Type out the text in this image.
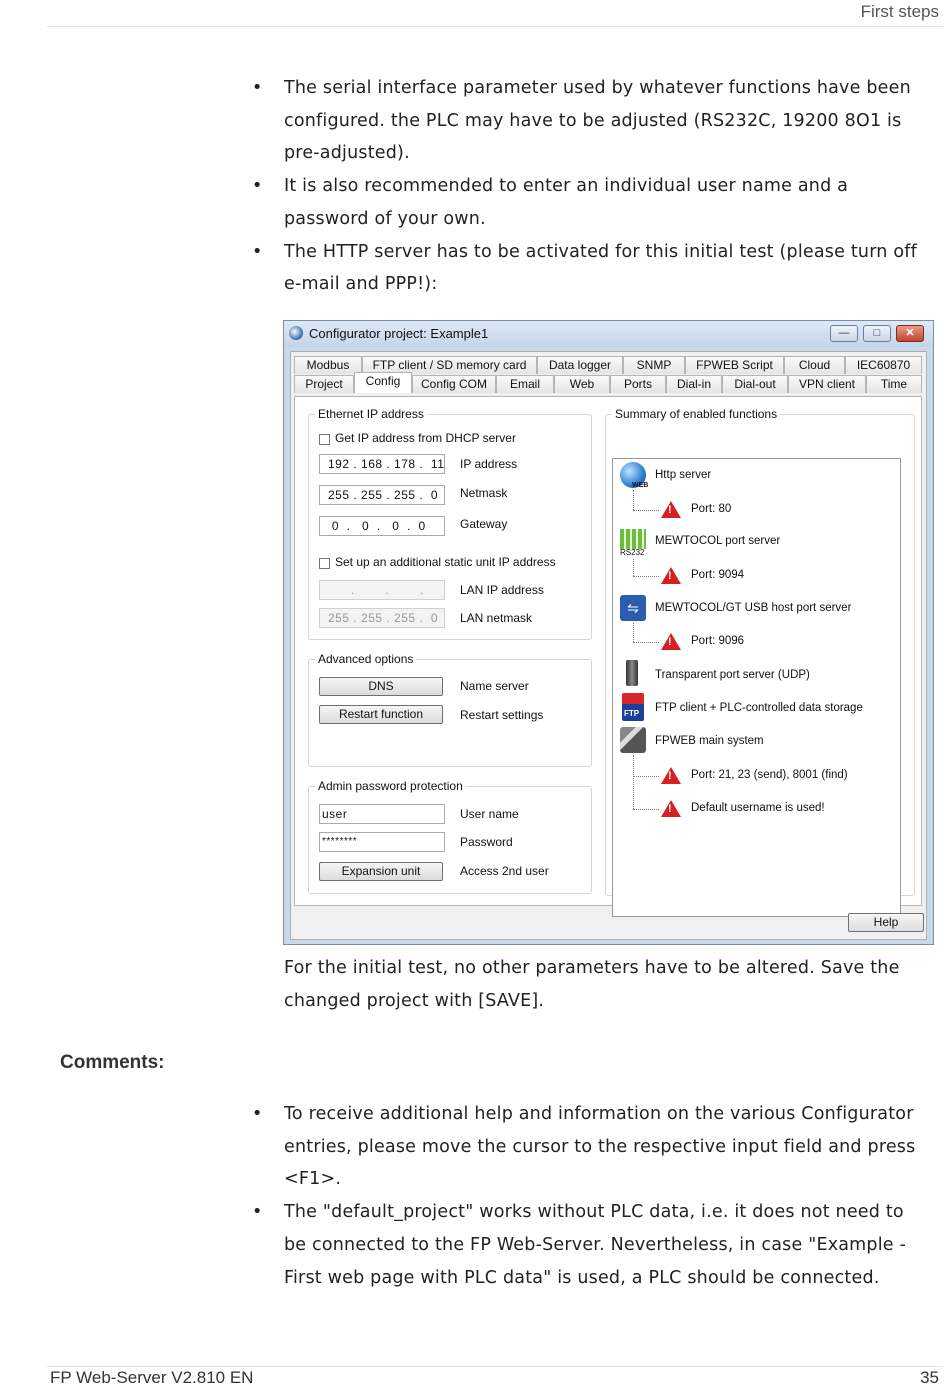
First steps
• The serial interface parameter used by whatever functions have been configured. the PLC may have to be adjusted (RS232C, 19200 8O1 is pre-adjusted).
• It is also recommended to enter an individual user name and a password of your own.
• The HTTP server has to be activated for this initial test (please turn off e-mail and PPP!):
Configurator project: Example1	—	□	✕
Modbus	FTP client / SD memory card	Data logger	SNMP	FPWEB Script	Cloud	IEC60870
Project	Config	Config COM	Email	Web	Ports	Dial-in	Dial-out	VPN client	Time
Ethernet IP address
Get IP address from DHCP server
192 . 168 . 178 .  11 IP address
255 . 255 . 255 .  0	Netmask
0  .   0  .   0  .  0	Gateway
Set up an additional static unit IP address
.        .        .	LAN IP address
255 . 255 . 255 .  0	LAN netmask
Advanced options
DNS	Name server
Restart function	Restart settings
Admin password protection
user	User name
********	Password
Expansion unit	Access 2nd user
Summary of enabled functions
WEB
Http server
!
Port: 80
RS232
MEWTOCOL port server
!
Port: 9094
⇋	MEWTOCOL/GT USB host port server
!
Port: 9096
Transparent port server (UDP)
FTP FTP client + PLC-controlled data storage
FPWEB main system
!
Port: 21, 23 (send), 8001 (find)
!
Default username is used!
Help
For the initial test, no other parameters have to be altered. Save the changed project with [SAVE].
Comments:
• To receive additional help and information on the various Configurator entries, please move the cursor to the respective input field and press <F1>.
• The "default_project" works without PLC data, i.e. it does not need to be connected to the FP Web-Server. Nevertheless, in case "Example - First web page with PLC data" is used, a PLC should be connected.
FP Web-Server V2.810 EN	35
